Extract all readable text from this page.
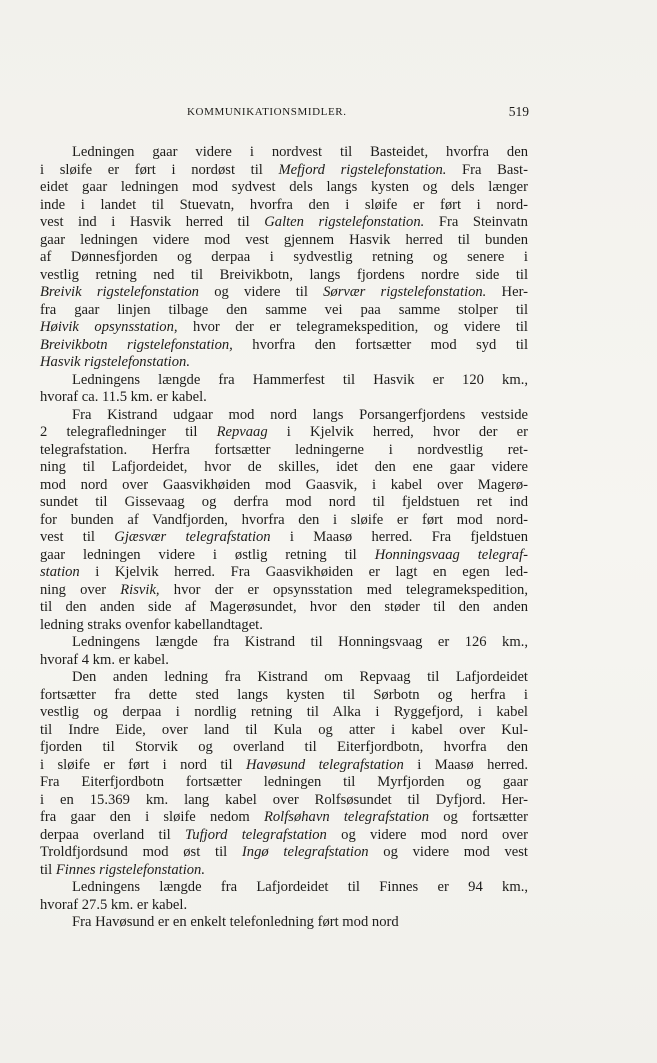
KOMMUNIKATIONSMIDLER.	519
Ledningen gaar videre i nordvest til Basteidet, hvorfra den
i sløife er ført i nordøst til Mefjord rigstelefonstation. Fra Bast-
eidet gaar ledningen mod sydvest dels langs kysten og dels længer
inde i landet til Stuevatn, hvorfra den i sløife er ført i nord-
vest ind i Hasvik herred til Galten rigstelefonstation. Fra Steinvatn
gaar ledningen videre mod vest gjennem Hasvik herred til bunden
af Dønnesfjorden og derpaa i sydvestlig retning og senere i
vestlig retning ned til Breivikbotn, langs fjordens nordre side til
Breivik rigstelefonstation og videre til Sørvær rigstelefonstation. Her-
fra gaar linjen tilbage den samme vei paa samme stolper til
Høivik opsynsstation, hvor der er telegramekspedition, og videre til
Breivikbotn rigstelefonstation, hvorfra den fortsætter mod syd til
Hasvik rigstelefonstation.
Ledningens længde fra Hammerfest til Hasvik er 120 km.,
hvoraf ca. 11.5 km. er kabel.
Fra Kistrand udgaar mod nord langs Porsangerfjordens vestside
2 telegrafledninger til Repvaag i Kjelvik herred, hvor der er
telegrafstation. Herfra fortsætter ledningerne i nordvestlig ret-
ning til Lafjordeidet, hvor de skilles, idet den ene gaar videre
mod nord over Gaasvikhøiden mod Gaasvik, i kabel over Magerø-
sundet til Gissevaag og derfra mod nord til fjeldstuen ret ind
for bunden af Vandfjorden, hvorfra den i sløife er ført mod nord-
vest til Gjæsvær telegrafstation i Maasø herred. Fra fjeldstuen
gaar ledningen videre i østlig retning til Honningsvaag telegraf-
station i Kjelvik herred. Fra Gaasvikhøiden er lagt en egen led-
ning over Risvik, hvor der er opsynsstation med telegramekspedition,
til den anden side af Magerøsundet, hvor den støder til den anden
ledning straks ovenfor kabellandtaget.
Ledningens længde fra Kistrand til Honningsvaag er 126 km.,
hvoraf 4 km. er kabel.
Den anden ledning fra Kistrand om Repvaag til Lafjordeidet
fortsætter fra dette sted langs kysten til Sørbotn og herfra i
vestlig og derpaa i nordlig retning til Alka i Ryggefjord, i kabel
til Indre Eide, over land til Kula og atter i kabel over Kul-
fjorden til Storvik og overland til Eiterfjordbotn, hvorfra den
i sløife er ført i nord til Havøsund telegrafstation i Maasø herred.
Fra Eiterfjordbotn fortsætter ledningen til Myrfjorden og gaar
i en 15.369 km. lang kabel over Rolfsøsundet til Dyfjord. Her-
fra gaar den i sløife nedom Rolfsøhavn telegrafstation og fortsætter
derpaa overland til Tufjord telegrafstation og videre mod nord over
Troldfjordsund mod øst til Ingø telegrafstation og videre mod vest
til Finnes rigstelefonstation.
Ledningens længde fra Lafjordeidet til Finnes er 94 km.,
hvoraf 27.5 km. er kabel.
Fra Havøsund er en enkelt telefonledning ført mod nord
